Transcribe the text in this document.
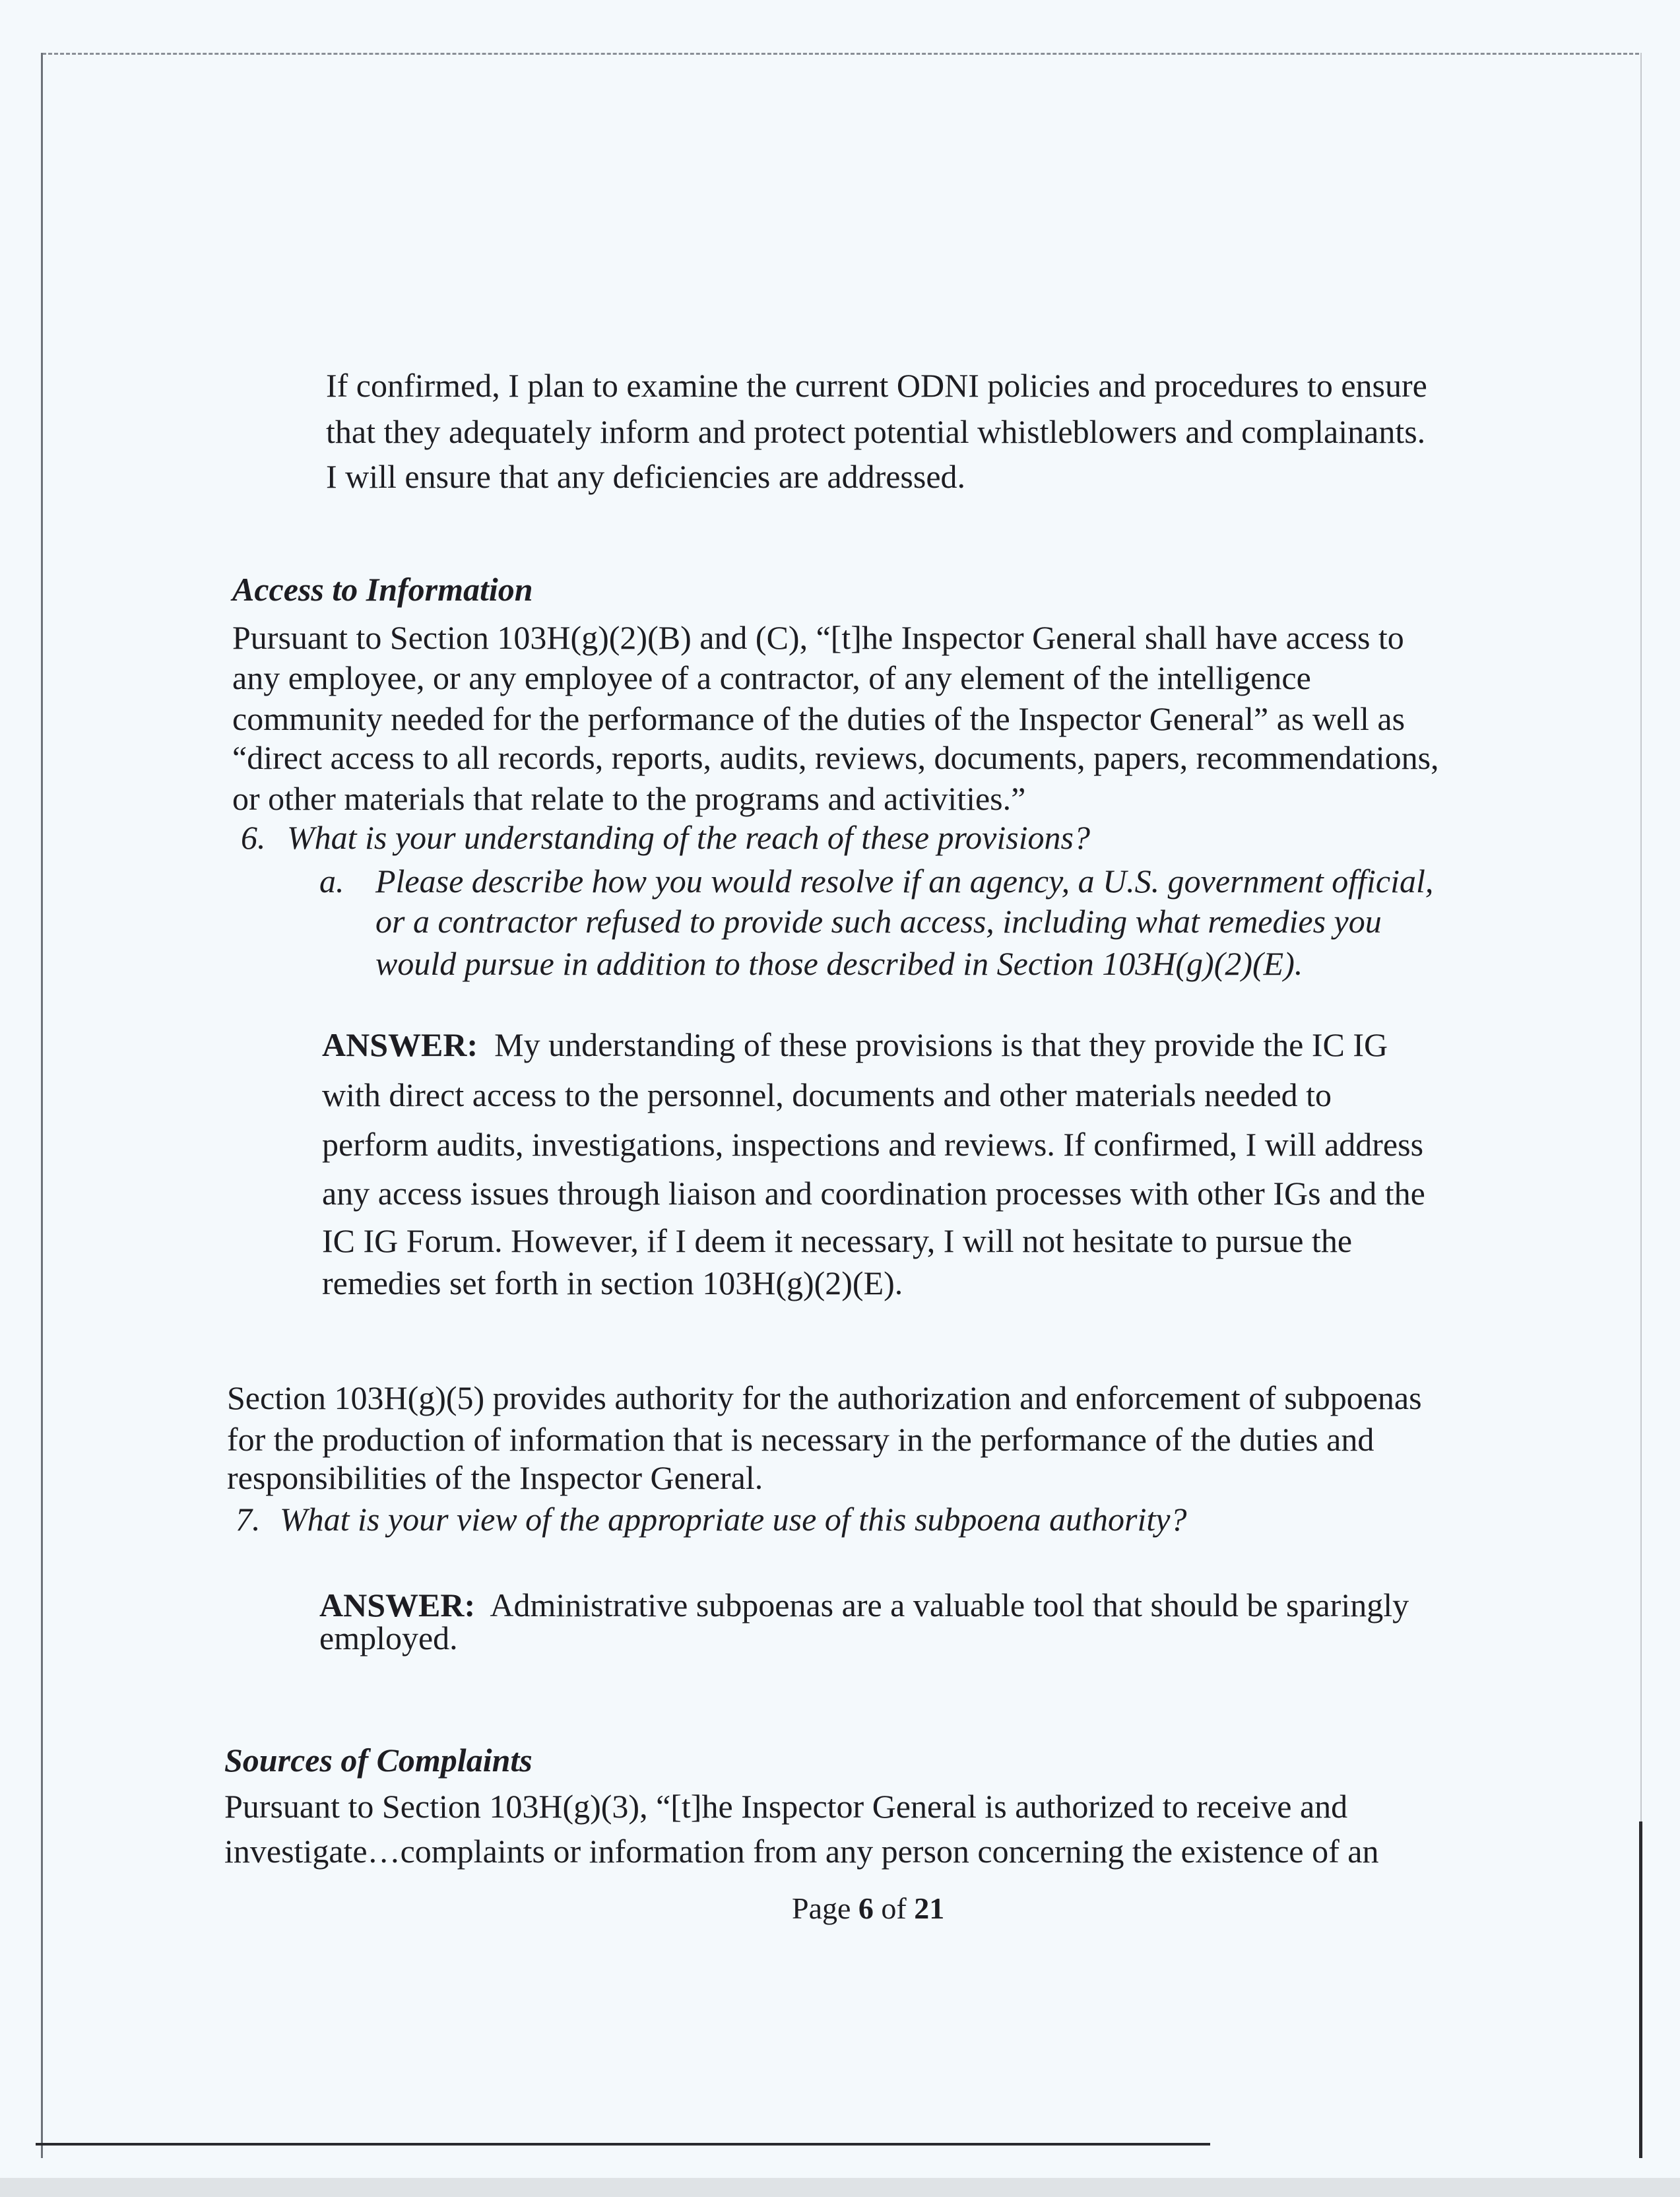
If confirmed, I plan to examine the current ODNI policies and procedures to ensure
that they adequately inform and protect potential whistleblowers and complainants.
I will ensure that any deficiencies are addressed.
Access to Information
Pursuant to Section 103H(g)(2)(B) and (C), “[t]he Inspector General shall have access to
any employee, or any employee of a contractor, of any element of the intelligence
community needed for the performance of the duties of the Inspector General” as well as
“direct access to all records, reports, audits, reviews, documents, papers, recommendations,
or other materials that relate to the programs and activities.”
6. What is your understanding of the reach of these provisions?
a. Please describe how you would resolve if an agency, a U.S. government official,
or a contractor refused to provide such access, including what remedies you
would pursue in addition to those described in Section 103H(g)(2)(E).
ANSWER: My understanding of these provisions is that they provide the IC IG
with direct access to the personnel, documents and other materials needed to
perform audits, investigations, inspections and reviews. If confirmed, I will address
any access issues through liaison and coordination processes with other IGs and the
IC IG Forum. However, if I deem it necessary, I will not hesitate to pursue the
remedies set forth in section 103H(g)(2)(E).
Section 103H(g)(5) provides authority for the authorization and enforcement of subpoenas
for the production of information that is necessary in the performance of the duties and
responsibilities of the Inspector General.
7. What is your view of the appropriate use of this subpoena authority?
ANSWER: Administrative subpoenas are a valuable tool that should be sparingly
employed.
Sources of Complaints
Pursuant to Section 103H(g)(3), “[t]he Inspector General is authorized to receive and
investigate…complaints or information from any person concerning the existence of an
Page 6 of 21
